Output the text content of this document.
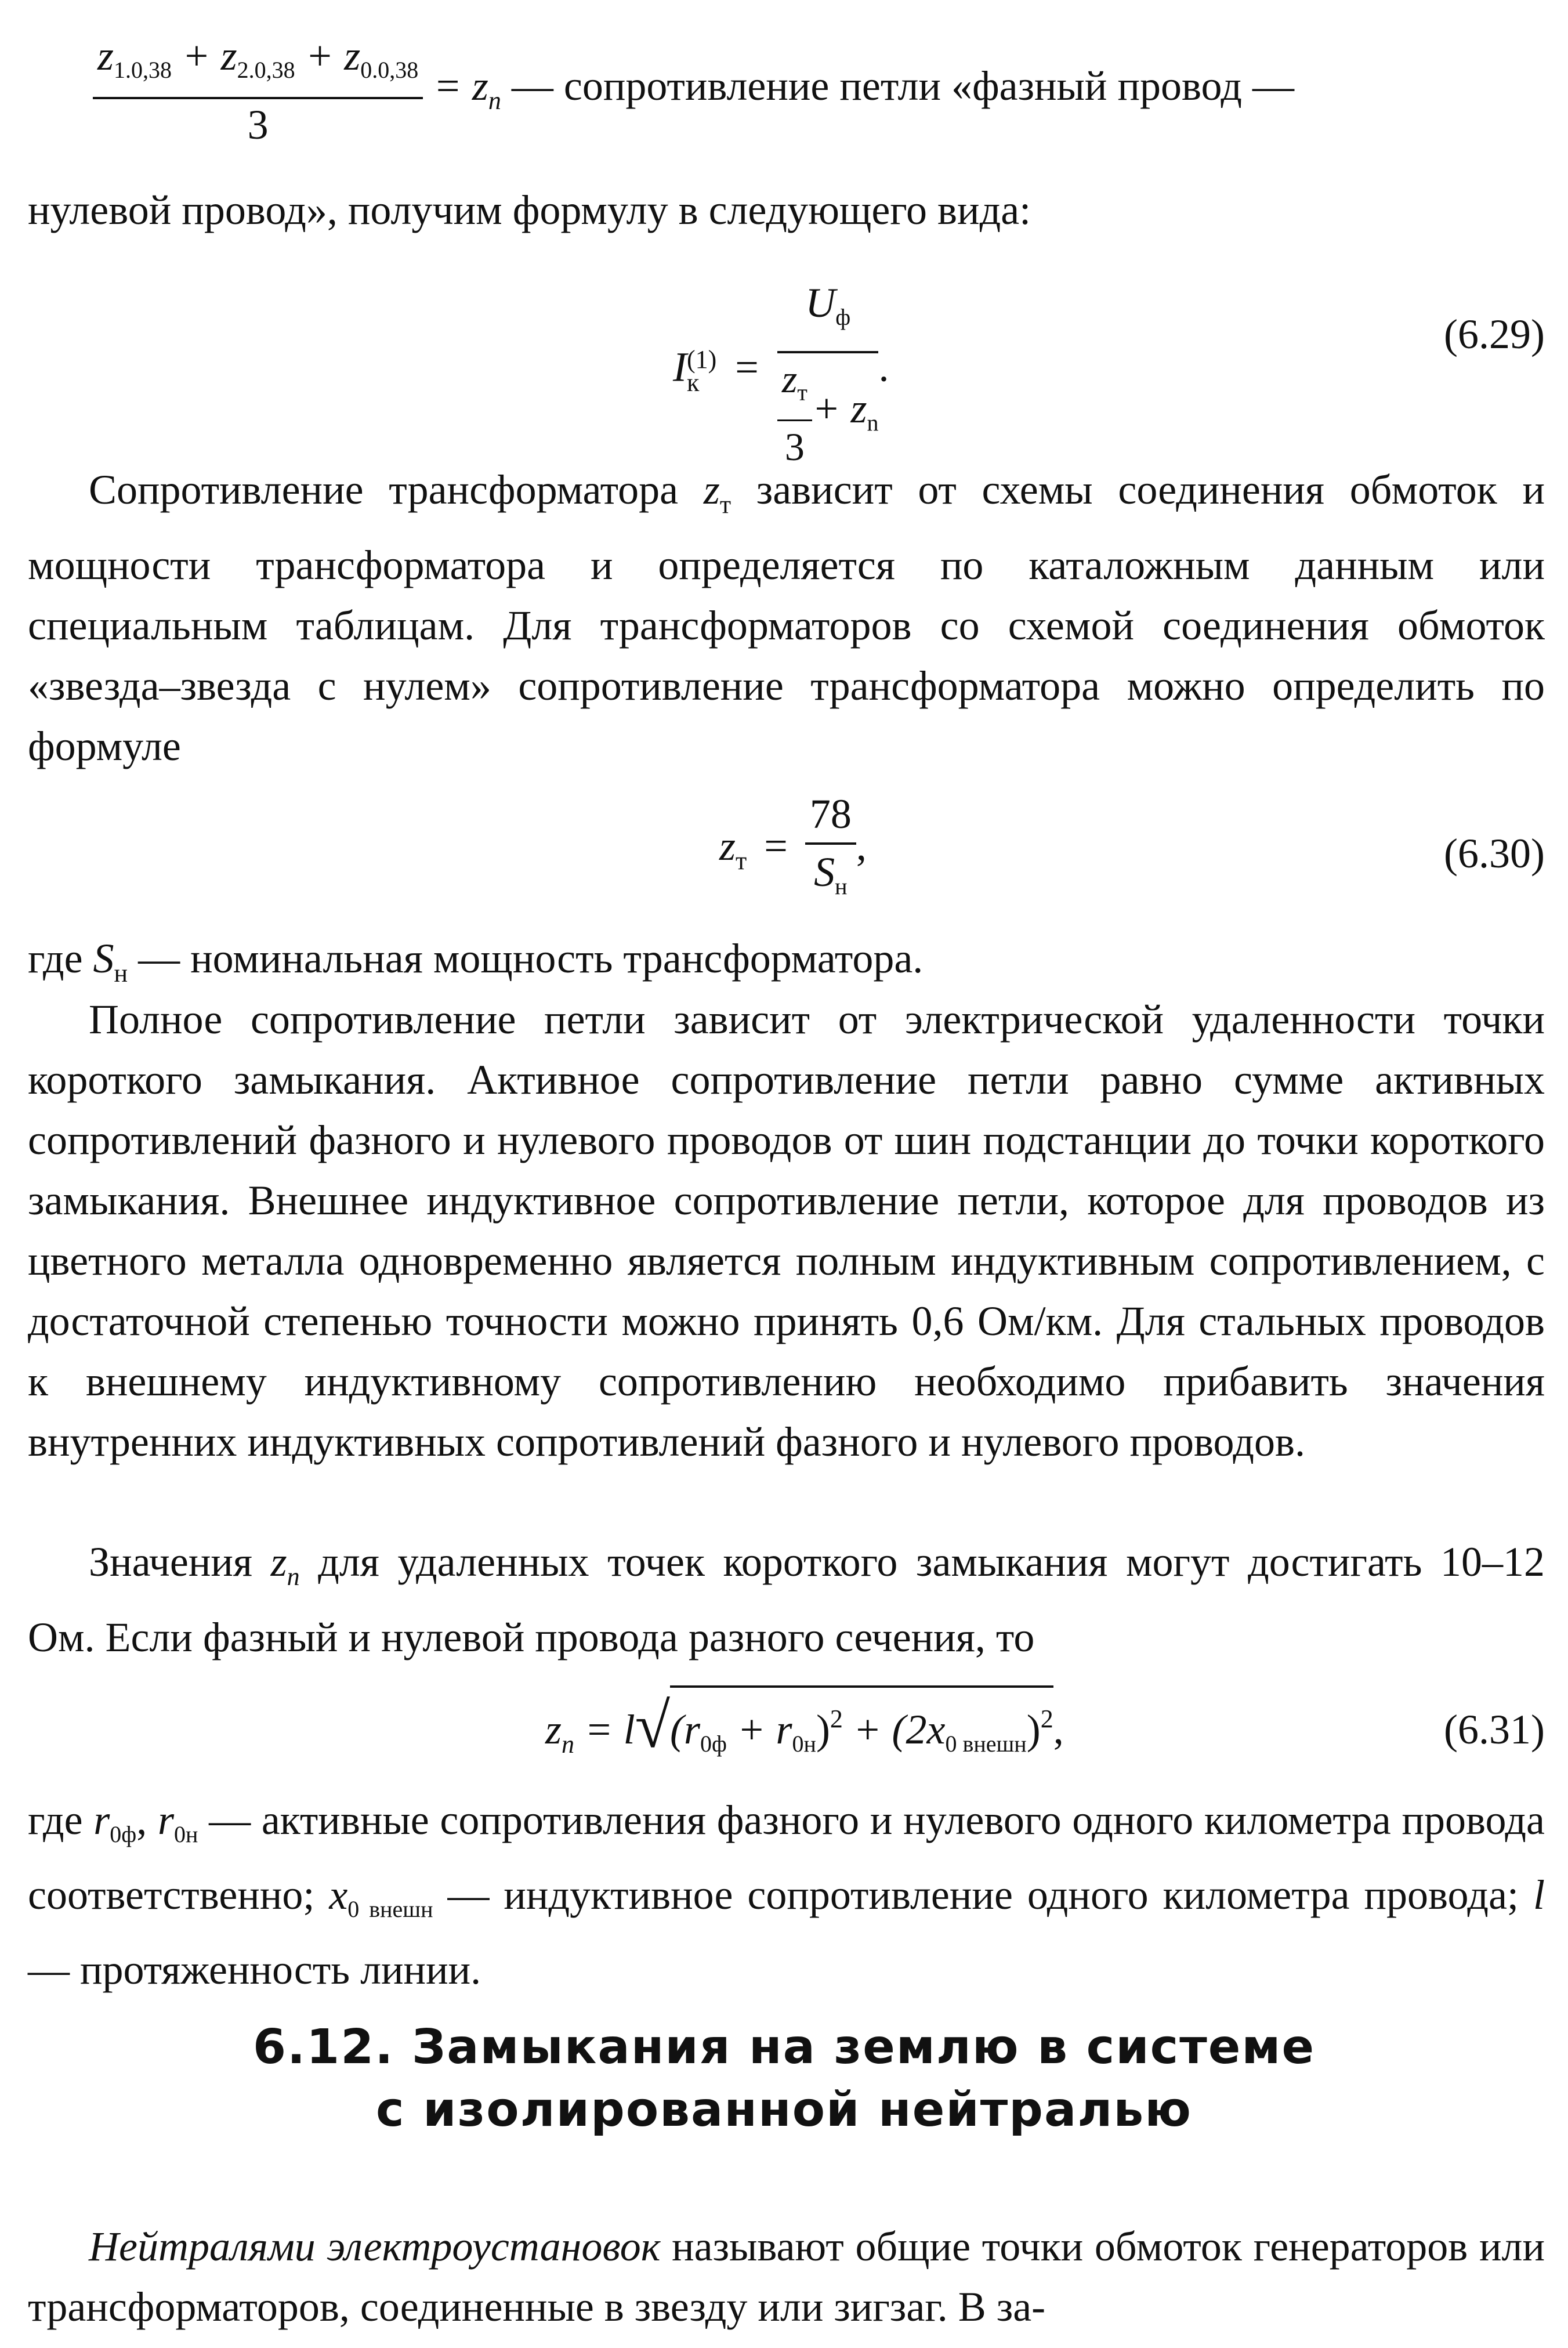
$\frac{z1.0,38 + z2.0,38 + z0.0,38}{3} = z_n$ — сопротивление петли «фазный провод —

нулевой провод», получим формулу в следующего вида:

I (1)
$к = \frac{Uф}{\frac{z_т}{3} + zn}$ .
(6.29)

Сопротивление трансформатора $z_т$ зависит от схемы соединения обмоток и мощности трансформатора и определяется по каталожным данным или специальным таблицам. Для трансформаторов со схемой соединения обмоток «звезда–звезда с нулем» сопротивление трансформатора можно определить по формуле

$z_т = \frac{78}{Sн}$ ,	(6.30)

где $S_н$ — номинальная мощность трансформатора.

Полное сопротивление петли зависит от электрической удаленности точки короткого замыкания. Активное сопротивление петли равно сумме активных сопротивлений фазного и нулевого проводов от шин подстанции до точки короткого замыкания. Внешнее индуктивное сопротивление петли, которое для проводов из цветного металла одновременно является полным индуктивным сопротивлением, с достаточной степенью точности можно принять 0,6 Ом/км. Для стальных проводов к внешнему индуктивному сопротивлению необходимо прибавить значения внутренних индуктивных сопротивлений фазного и нулевого проводов.

Значения $z_n$ для удаленных точек короткого замыкания могут достигать 10–12 Ом. Если фазный и нулевой провода разного сечения, то

$z_n = l√(r0ф + r0н)^2 + (2x0$ внешн)$^2$,	(6.31)

где r0ф, r0н — активные сопротивления фазного и нулевого одного километра провода соответственно; x0 внешн — индуктивное сопротивление одного километра провода; l — протяженность линии.

6.12. Замыкания на землю в системе
с изолированной нейтралью

Нейтралями электроустановок называют общие точки обмоток генераторов или трансформаторов, соединенные в звезду или зигзаг. В за-
